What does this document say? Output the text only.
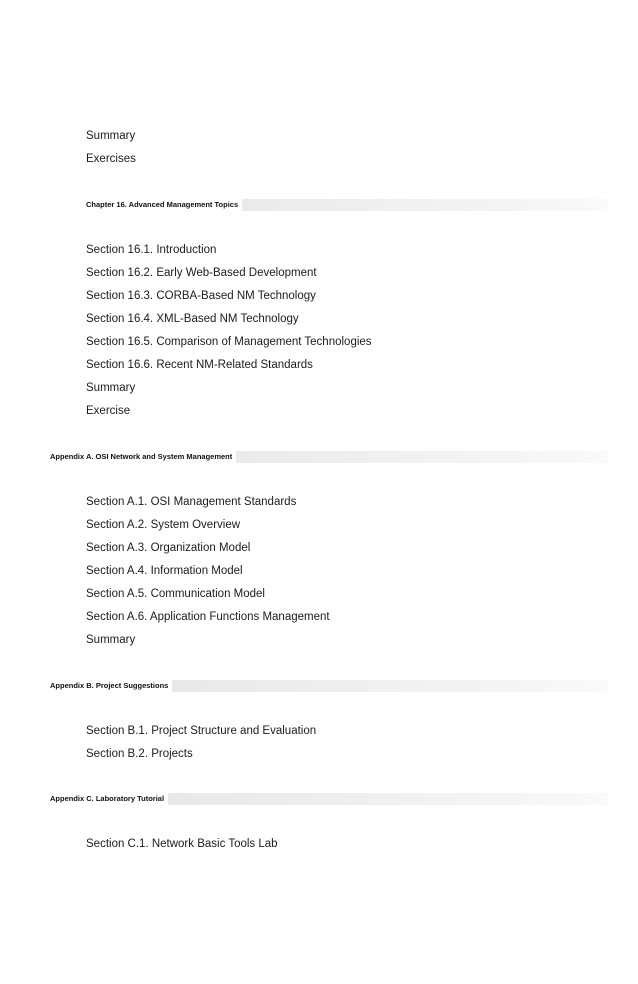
Summary
Exercises
Chapter 16. Advanced Management Topics
Section 16.1. Introduction
Section 16.2. Early Web-Based Development
Section 16.3. CORBA-Based NM Technology
Section 16.4. XML-Based NM Technology
Section 16.5. Comparison of Management Technologies
Section 16.6. Recent NM-Related Standards
Summary
Exercise
Appendix A. OSI Network and System Management
Section A.1. OSI Management Standards
Section A.2. System Overview
Section A.3. Organization Model
Section A.4. Information Model
Section A.5. Communication Model
Section A.6. Application Functions Management
Summary
Appendix B. Project Suggestions
Section B.1. Project Structure and Evaluation
Section B.2. Projects
Appendix C. Laboratory Tutorial
Section C.1. Network Basic Tools Lab
